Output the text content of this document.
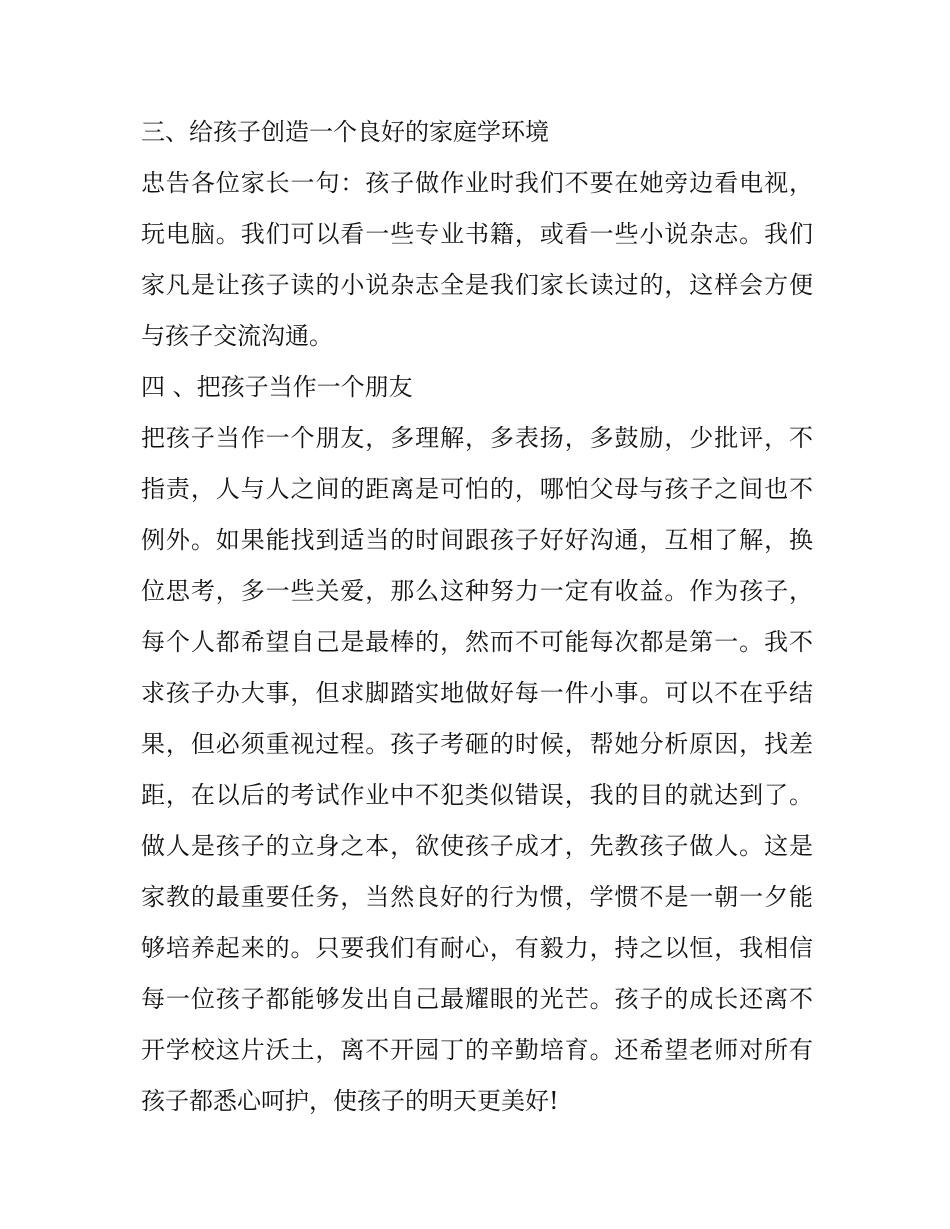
三、给孩子创造一个良好的家庭学环境
忠告各位家长一句：孩子做作业时我们不要在她旁边看电视，
玩电脑。我们可以看一些专业书籍，或看一些小说杂志。我们
家凡是让孩子读的小说杂志全是我们家长读过的，这样会方便
与孩子交流沟通。
四 、把孩子当作一个朋友
把孩子当作一个朋友，多理解，多表扬，多鼓励，少批评，不
指责，人与人之间的距离是可怕的，哪怕父母与孩子之间也不
例外。如果能找到适当的时间跟孩子好好沟通，互相了解，换
位思考，多一些关爱，那么这种努力一定有收益。作为孩子，
每个人都希望自己是最棒的，然而不可能每次都是第一。我不
求孩子办大事，但求脚踏实地做好每一件小事。可以不在乎结
果，但必须重视过程。孩子考砸的时候，帮她分析原因，找差
距，在以后的考试作业中不犯类似错误，我的目的就达到了。
做人是孩子的立身之本，欲使孩子成才，先教孩子做人。这是
家教的最重要任务，当然良好的行为惯，学惯不是一朝一夕能
够培养起来的。只要我们有耐心，有毅力，持之以恒，我相信
每一位孩子都能够发出自己最耀眼的光芒。孩子的成长还离不
开学校这片沃土，离不开园丁的辛勤培育。还希望老师对所有
孩子都悉心呵护，使孩子的明天更美好!
